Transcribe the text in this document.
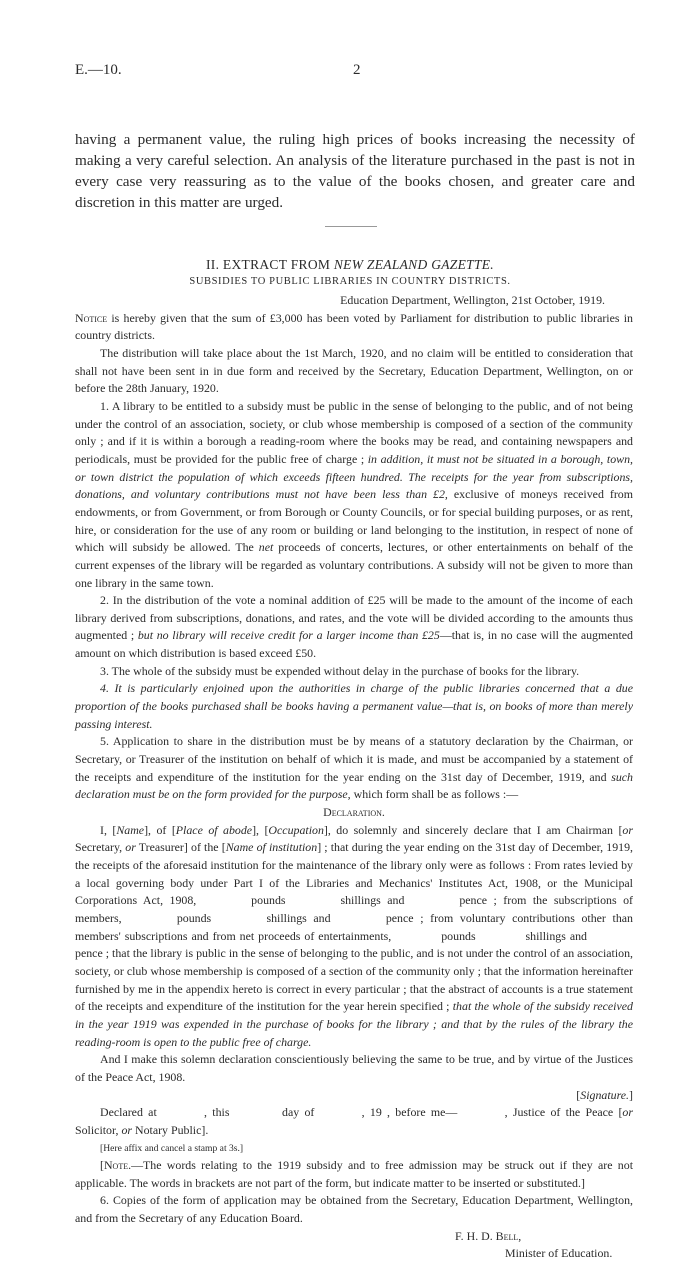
E.—10.	2

having a permanent value, the ruling high prices of books increasing the necessity of making a very careful selection. An analysis of the literature purchased in the past is not in every case very reassuring as to the value of the books chosen, and greater care and discretion in this matter are urged.

II. EXTRACT FROM NEW ZEALAND GAZETTE.
SUBSIDIES TO PUBLIC LIBRARIES IN COUNTRY DISTRICTS.
Education Department, Wellington, 21st October, 1919.

Notice is hereby given that the sum of £3,000 has been voted by Parliament for distribution to public libraries in country districts.

The distribution will take place about the 1st March, 1920, and no claim will be entitled to consideration that shall not have been sent in in due form and received by the Secretary, Education Department, Wellington, on or before the 28th January, 1920.

1. A library to be entitled to a subsidy must be public in the sense of belonging to the public, and of not being under the control of an association, society, or club whose membership is composed of a section of the community only ; and if it is within a borough a reading-room where the books may be read, and containing newspapers and periodicals, must be provided for the public free of charge ; in addition, it must not be situated in a borough, town, or town district the population of which exceeds fifteen hundred. The receipts for the year from subscriptions, donations, and voluntary contributions must not have been less than £2, exclusive of moneys received from endowments, or from Government, or from Borough or County Councils, or for special building purposes, or as rent, hire, or consideration for the use of any room or building or land belonging to the institution, in respect of none of which will subsidy be allowed. The net proceeds of concerts, lectures, or other entertainments on behalf of the current expenses of the library will be regarded as voluntary contributions. A subsidy will not be given to more than one library in the same town.

2. In the distribution of the vote a nominal addition of £25 will be made to the amount of the income of each library derived from subscriptions, donations, and rates, and the vote will be divided according to the amounts thus augmented ; but no library will receive credit for a larger income than £25—that is, in no case will the augmented amount on which distribution is based exceed £50.

3. The whole of the subsidy must be expended without delay in the purchase of books for the library.

4. It is particularly enjoined upon the authorities in charge of the public libraries concerned that a due proportion of the books purchased shall be books having a permanent value—that is, on books of more than merely passing interest.

5. Application to share in the distribution must be by means of a statutory declaration by the Chairman, or Secretary, or Treasurer of the institution on behalf of which it is made, and must be accompanied by a statement of the receipts and expenditure of the institution for the year ending on the 31st day of December, 1919, and such declaration must be on the form provided for the purpose, which form shall be as follows :—

Declaration.

I, [Name], of [Place of abode], [Occupation], do solemnly and sincerely declare that I am Chairman [or Secretary, or Treasurer] of the [Name of institution] ; that during the year ending on the 31st day of December, 1919, the receipts of the aforesaid institution for the maintenance of the library only were as follows : From rates levied by a local governing body under Part I of the Libraries and Mechanics' Institutes Act, 1908, or the Municipal Corporations Act, 1908,	pounds	shillings and	pence ; from the subscriptions of members,	pounds	shillings and	pence ; from voluntary contributions other than members' subscriptions and from net proceeds of entertainments,	pounds	shillings and  pence ; that the library is public in the sense of belonging to the public, and is not under the control of an association, society, or club whose membership is composed of a section of the community only ; that the information hereinafter furnished by me in the appendix hereto is correct in every particular ; that the abstract of accounts is a true statement of the receipts and expenditure of the institution for the year herein specified ; that the whole of the subsidy received in the year 1919 was expended in the purchase of books for the library ; and that by the rules of the library the reading-room is open to the public free of charge.

And I make this solemn declaration conscientiously believing the same to be true, and by virtue of the Justices of the Peace Act, 1908.

[Signature.]

Declared at	, this	day of	, 19 , before me—	, Justice of the Peace [or Solicitor, or Notary Public].

[Here affix and cancel a stamp at 3s.]

[Note.—The words relating to the 1919 subsidy and to free admission may be struck out if they are not applicable. The words in brackets are not part of the form, but indicate matter to be inserted or substituted.]

6. Copies of the form of application may be obtained from the Secretary, Education Department, Wellington, and from the Secretary of any Education Board.

F. H. D. Bell,

Minister of Education.
